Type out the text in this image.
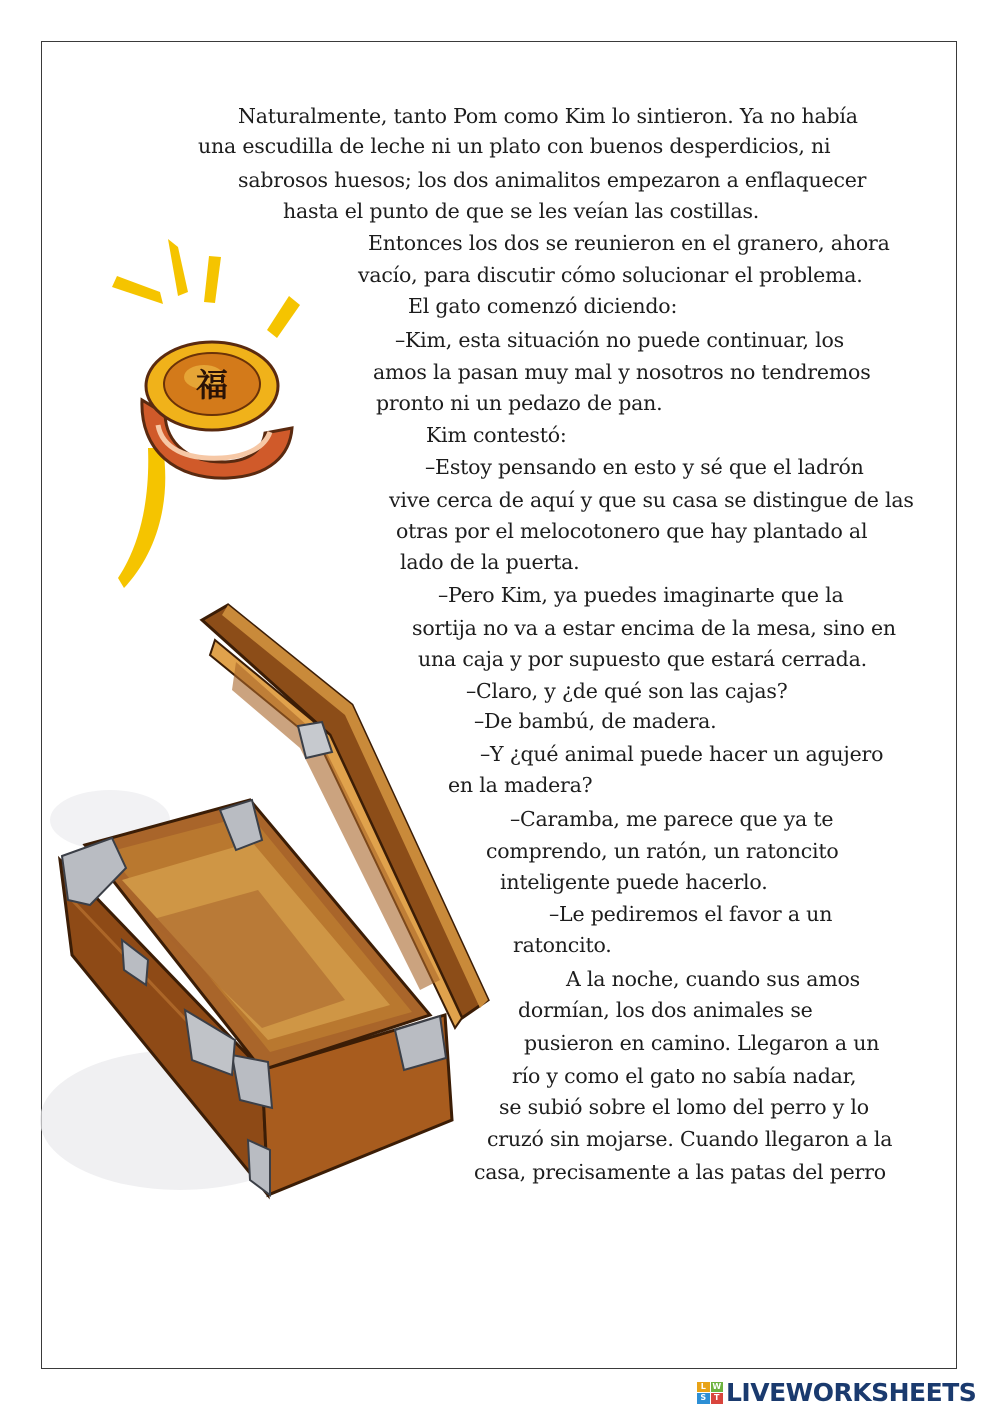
福
Naturalmente, tanto Pom como Kim lo sintieron. Ya no había
una escudilla de leche ni un plato con buenos desperdicios, ni
sabrosos huesos; los dos animalitos empezaron a enflaquecer
hasta el punto de que se les veían las costillas.
Entonces los dos se reunieron en el granero, ahora
vacío, para discutir cómo solucionar el problema.
El gato comenzó diciendo:
–Kim, esta situación no puede continuar, los
amos la pasan muy mal y nosotros no tendremos
pronto ni un pedazo de pan.
Kim contestó:
–Estoy pensando en esto y sé que el ladrón
vive cerca de aquí y que su casa se distingue de las
otras por el melocotonero que hay plantado al
lado de la puerta.
–Pero Kim, ya puedes imaginarte que la
sortija no va a estar encima de la mesa, sino en
una caja y por supuesto que estará cerrada.
–Claro, y ¿de qué son las cajas?
–De bambú, de madera.
–Y ¿qué animal puede hacer un agujero
en la madera?
–Caramba, me parece que ya te
comprendo, un ratón, un ratoncito
inteligente puede hacerlo.
–Le pediremos el favor a un
ratoncito.
A la noche, cuando sus amos
dormían, los dos animales se
pusieron en camino. Llegaron a un
río y como el gato no sabía nadar,
se subió sobre el lomo del perro y lo
cruzó sin mojarse. Cuando llegaron a la
casa, precisamente a las patas del perro
L W
S T LIVEWORKSHEETS
